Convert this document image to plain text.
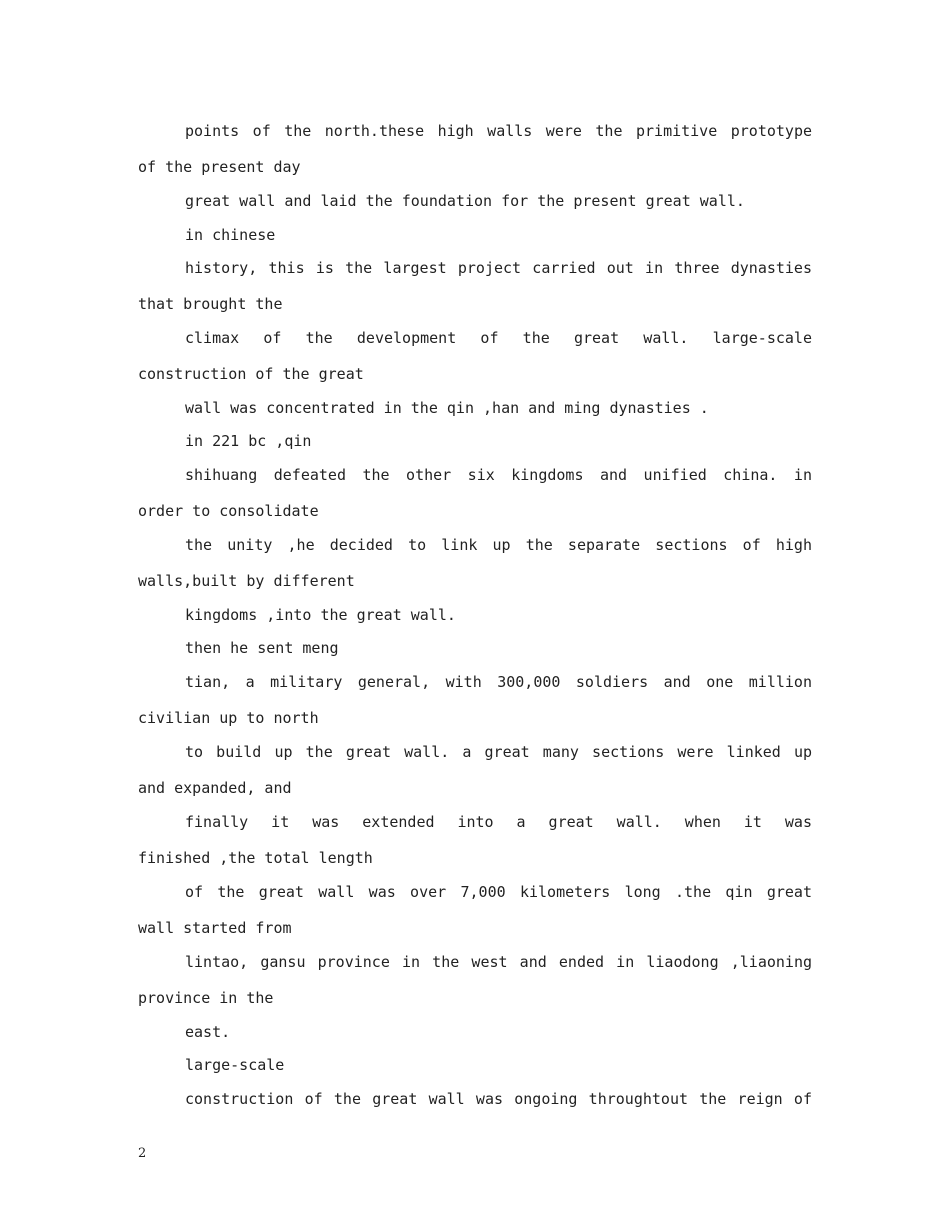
points of the north.these high walls were the primitive prototype
of the present day
great wall and laid the foundation for the present great wall.
in chinese
history, this is the largest project carried out in three dynasties
that brought the
climax of the development of the great wall. large-scale
construction of the great
wall was concentrated in the qin ,han and ming dynasties .
in 221 bc ,qin
shihuang defeated the other six kingdoms and unified china. in
order to consolidate
the unity ,he decided to link up the separate sections of high
walls,built by different
kingdoms ,into the great wall.
then he sent meng
tian, a military general, with 300,000 soldiers and one million
civilian up to north
to build up the great wall. a great many sections were linked up
and expanded, and
finally it was extended into a great wall. when it was
finished ,the total length
of the great wall was over 7,000 kilometers long .the qin great
wall started from
lintao, gansu province in the west and ended in liaodong ,liaoning
province in the
east.
large-scale
construction of the great wall was ongoing throughtout the reign of
2
